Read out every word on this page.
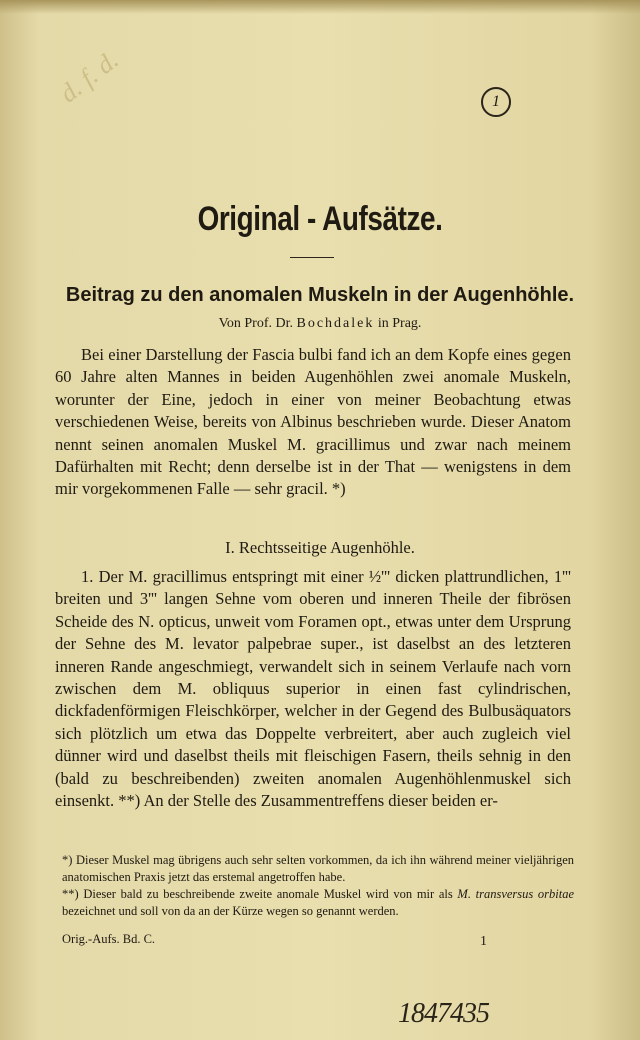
d. f. d.	1
Original - Aufsätze.
Beitrag zu den anomalen Muskeln in der Augenhöhle.
Von Prof. Dr. Bochdalek in Prag.

Bei einer Darstellung der Fascia bulbi fand ich an dem Kopfe eines gegen 60 Jahre alten Mannes in beiden Augenhöhlen zwei anomale Muskeln, worunter der Eine, jedoch in einer von meiner Beobachtung etwas verschiedenen Weise, bereits von Albinus beschrieben wurde. Dieser Anatom nennt seinen anomalen Muskel M. gracillimus und zwar nach meinem Dafürhalten mit Recht; denn derselbe ist in der That — wenigstens in dem mir vorgekommenen Falle — sehr gracil. *)

I. Rechtsseitige Augenhöhle.

1. Der M. gracillimus entspringt mit einer ½''' dicken plattrundlichen, 1''' breiten und 3''' langen Sehne vom oberen und inneren Theile der fibrösen Scheide des N. opticus, unweit vom Foramen opt., etwas unter dem Ursprung der Sehne des M. levator palpebrae super., ist daselbst an des letzteren inneren Rande angeschmiegt, verwandelt sich in seinem Verlaufe nach vorn zwischen dem M. obliquus superior in einen fast cylindrischen, dickfadenförmigen Fleischkörper, welcher in der Gegend des Bulbusäquators sich plötzlich um etwa das Doppelte verbreitert, aber auch zugleich viel dünner wird und daselbst theils mit fleischigen Fasern, theils sehnig in den (bald zu beschreibenden) zweiten anomalen Augenhöhlenmuskel sich einsenkt. **) An der Stelle des Zusammentreffens dieser beiden er-

*) Dieser Muskel mag übrigens auch sehr selten vorkommen, da ich ihn während meiner vieljährigen anatomischen Praxis jetzt das erstemal angetroffen habe.
**) Dieser bald zu beschreibende zweite anomale Muskel wird von mir als M. transversus orbitae bezeichnet und soll von da an der Kürze wegen so genannt werden.
Orig.-Aufs. Bd. C.	1
1847435
